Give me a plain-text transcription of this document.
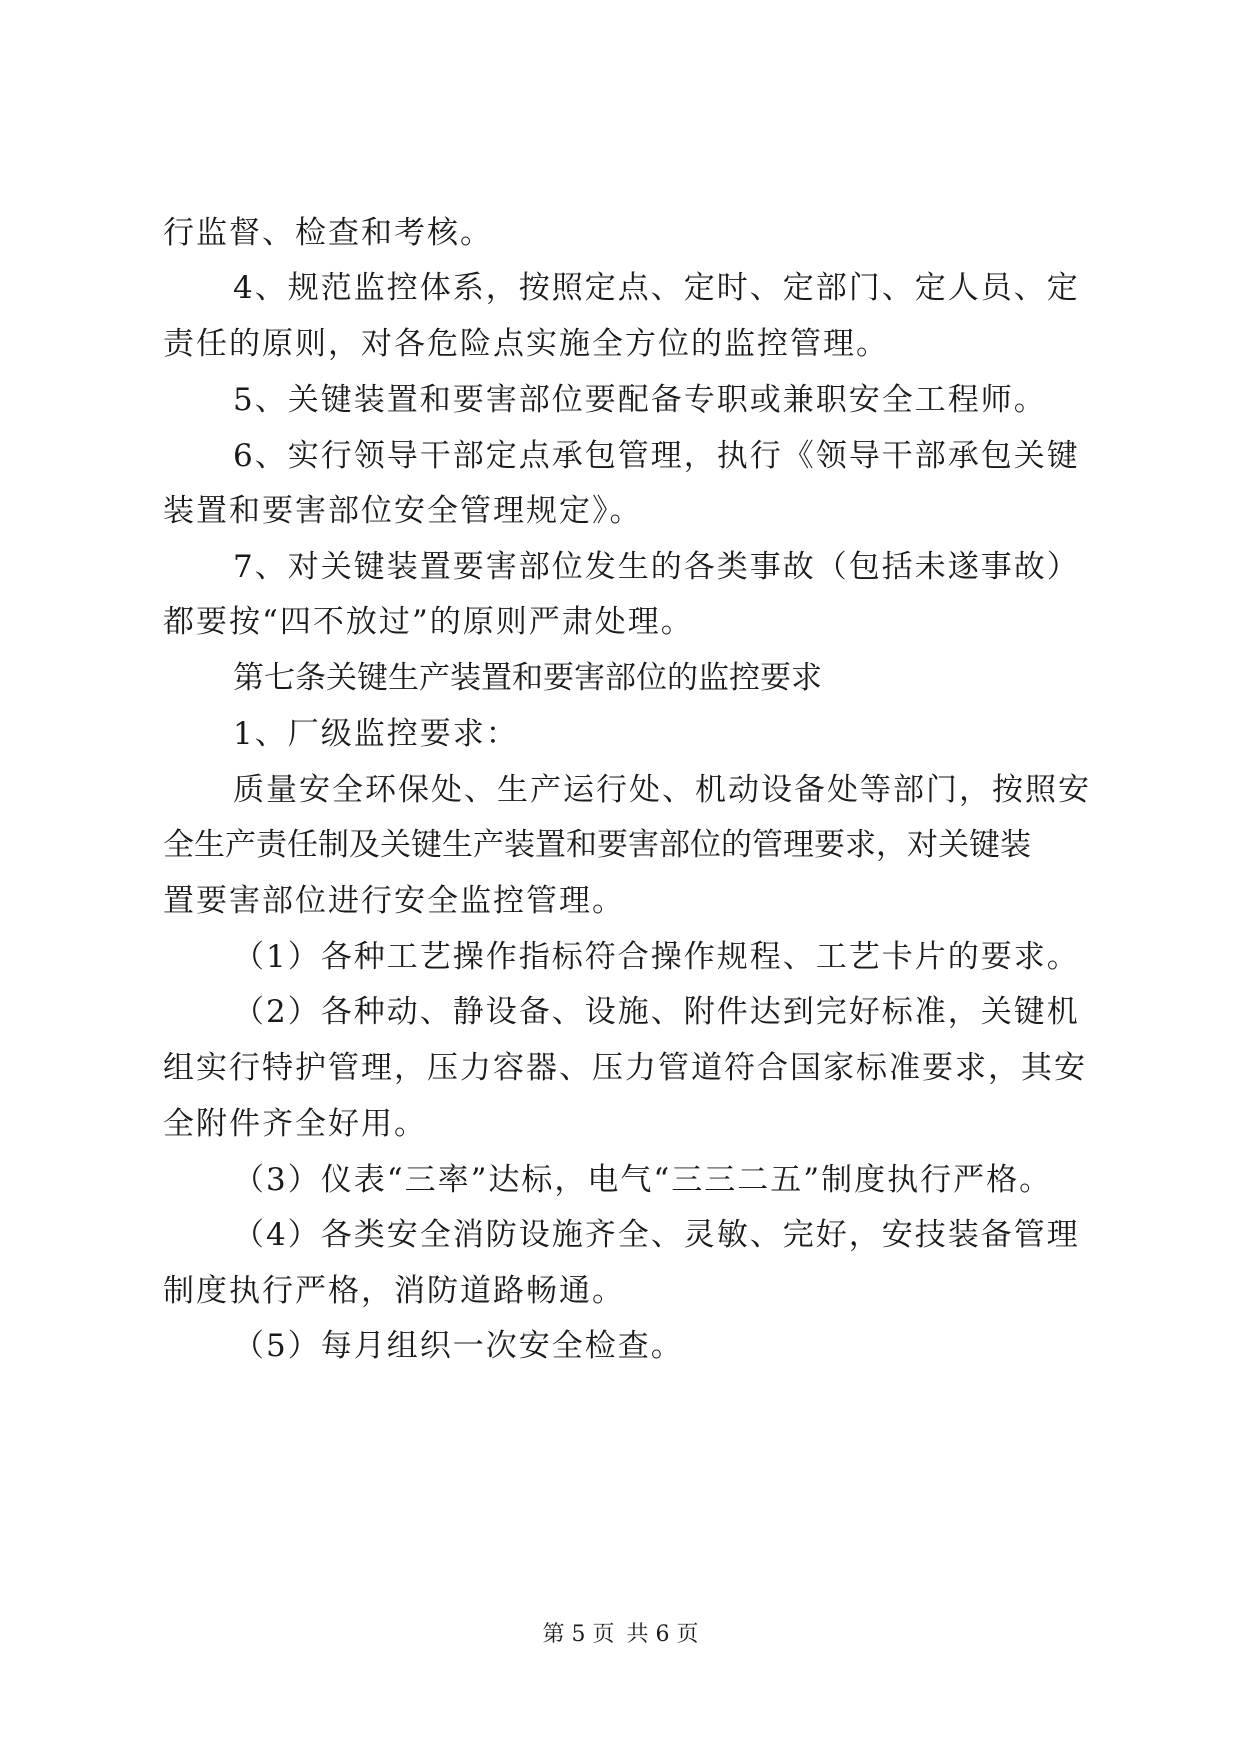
行监督、检查和考核。
4、规范监控体系，按照定点、定时、定部门、定人员、定
责任的原则，对各危险点实施全方位的监控管理。
5、关键装置和要害部位要配备专职或兼职安全工程师。
6、实行领导干部定点承包管理，执行《领导干部承包关键
装置和要害部位安全管理规定》。
7、对关键装置要害部位发生的各类事故（包括未遂事故）
都要按“四不放过”的原则严肃处理。
第七条关键生产装置和要害部位的监控要求
1、厂级监控要求：
质量安全环保处、生产运行处、机动设备处等部门，按照安
全生产责任制及关键生产装置和要害部位的管理要求，对关键装
置要害部位进行安全监控管理。
（1）各种工艺操作指标符合操作规程、工艺卡片的要求。
（2）各种动、静设备、设施、附件达到完好标准，关键机
组实行特护管理，压力容器、压力管道符合国家标准要求，其安
全附件齐全好用。
（3）仪表“三率”达标，电气“三三二五”制度执行严格。
（4）各类安全消防设施齐全、灵敏、完好，安技装备管理
制度执行严格，消防道路畅通。
（5）每月组织一次安全检查。
第 5 页 共 6 页
